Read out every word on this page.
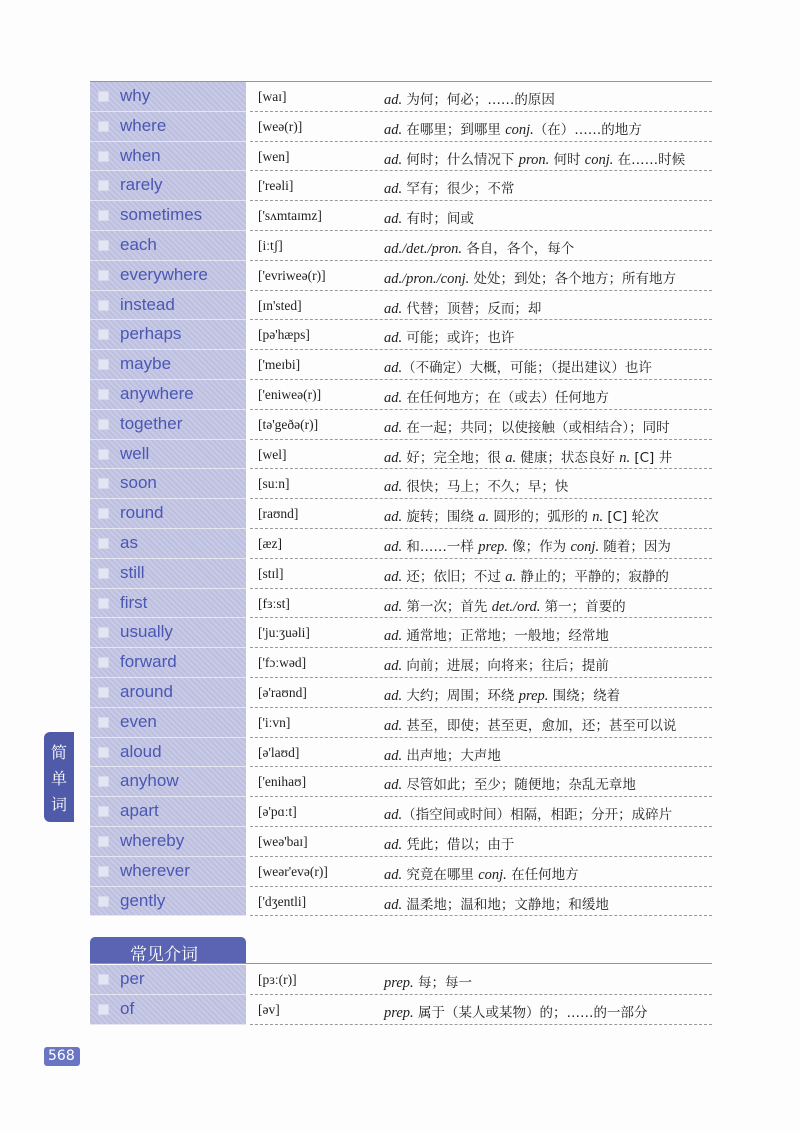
why	[waɪ]	ad. 为何；何必；……的原因
where	[weə(r)]	ad. 在哪里；到哪里 conj.（在）……的地方
when	[wen]	ad. 何时；什么情况下 pron. 何时 conj. 在……时候
rarely	['reəli]	ad. 罕有；很少；不常
sometimes	['sʌmtaɪmz]	ad. 有时；间或
each	[iːtʃ]	ad./det./pron. 各自，各个，每个
everywhere	['evriweə(r)]	ad./pron./conj. 处处；到处；各个地方；所有地方
instead	[ɪn'sted]	ad. 代替；顶替；反而；却
perhaps	[pə'hæps]	ad. 可能；或许；也许
maybe	['meɪbi]	ad.（不确定）大概，可能；（提出建议）也许
anywhere	['eniweə(r)]	ad. 在任何地方；在（或去）任何地方
together	[tə'geðə(r)]	ad. 在一起；共同；以使接触（或相结合）；同时
well	[wel]	ad. 好；完全地；很 a. 健康；状态良好 n. [C] 井
soon	[suːn]	ad. 很快；马上；不久；早；快
round	[raʊnd]	ad. 旋转；围绕 a. 圆形的；弧形的 n. [C] 轮次
as	[æz]	ad. 和……一样 prep. 像；作为 conj. 随着；因为
still	[stɪl]	ad. 还；依旧；不过 a. 静止的；平静的；寂静的
first	[fɜːst]	ad. 第一次；首先 det./ord. 第一；首要的
usually	['juːʒuəli]	ad. 通常地；正常地；一般地；经常地
forward	['fɔːwəd]	ad. 向前；进展；向将来；往后；提前
around	[ə'raʊnd]	ad. 大约；周围；环绕 prep. 围绕；绕着
even	['iːvn]	ad. 甚至，即使；甚至更，愈加，还；甚至可以说
aloud	[ə'laʊd]	ad. 出声地；大声地
anyhow	['enihaʊ]	ad. 尽管如此；至少；随便地；杂乱无章地
apart	[ə'pɑːt]	ad.（指空间或时间）相隔，相距；分开；成碎片
whereby	[weə'baɪ]	ad. 凭此；借以；由于
wherever	[weər'evə(r)]	ad. 究竟在哪里 conj. 在任何地方
gently	['dʒentli]	ad. 温柔地；温和地；文静地；和缓地
常见介词
per	[pɜː(r)]	prep. 每；每一
of	[əv]	prep. 属于（某人或某物）的；……的一部分
简
单
词
568
